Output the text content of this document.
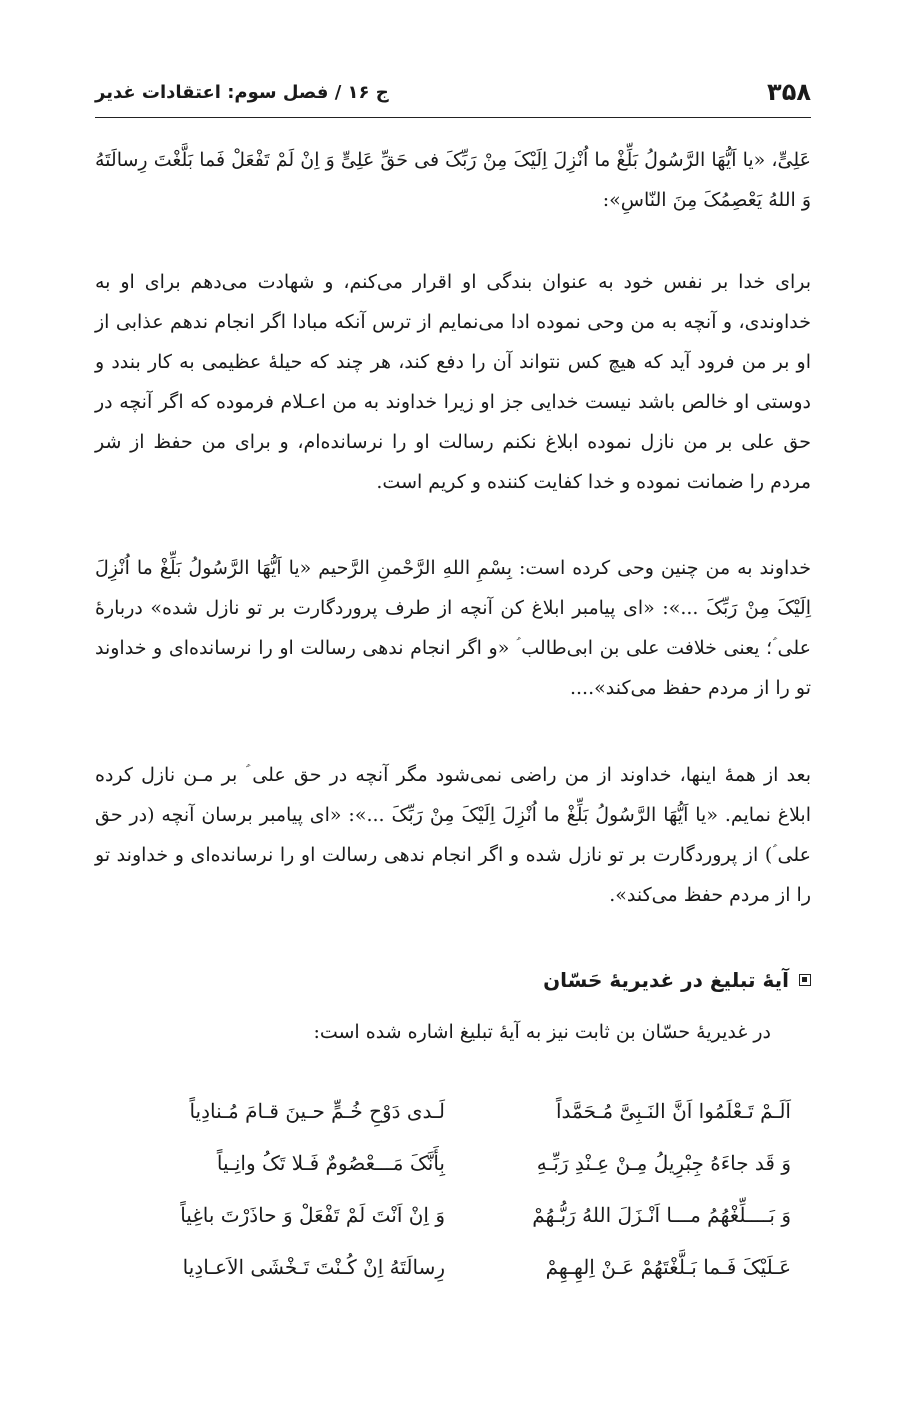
۳۵۸
ج ۱۶ / فصل سوم: اعتقادات غدیر

عَلِیٍّ، «یا اَیُّهَا الرَّسُولُ بَلِّغْ ما اُنْزِلَ اِلَیْکَ مِنْ رَبِّکَ فی حَقِّ عَلِیٍّ وَ اِنْ لَمْ تَفْعَلْ فَما بَلَّغْتَ رِسالَتَهُ وَ اللهُ یَعْصِمُکَ مِنَ النّاسِ»:

برای خدا بر نفس خود به عنوان بندگی او اقرار می‌کنم، و شهادت می‌دهم برای او به خداوندی، و آنچه به من وحی نموده ادا می‌نمایم از ترس آنکه مبادا اگر انجام ندهم عذابی از او بر من فرود آید که هیچ کس نتواند آن را دفع کند، هر چند که حیلهٔ عظیمی به کار بندد و دوستی او خالص باشد نیست خدایی جز او زیرا خداوند به من اعـلام فرموده که اگر آنچه در حق علی بر من نازل نموده ابلاغ نکنم رسالت او را نرسانده‌ام، و برای من حفظ از شر مردم را ضمانت نموده و خدا کفایت کننده و کریم است.

خداوند به من چنین وحی کرده است: بِسْمِ اللهِ الرَّحْمنِ الرَّحیم «یا اَیُّهَا الرَّسُولُ بَلِّغْ ما اُنْزِلَ اِلَیْکَ مِنْ رَبِّکَ ...»: «ای پیامبر ابلاغ کن آنچه از طرف پروردگارت بر تو نازل شده» دربارهٔ علی ؑ؛ یعنی خلافت علی بن ابی‌طالب ؑ «و اگر انجام ندهی رسالت او را نرسانده‌ای و خداوند تو را از مردم حفظ می‌کند»....

بعد از همهٔ اینها، خداوند از من راضی نمی‌شود مگر آنچه در حق علی ؑ بر مـن نازل کرده ابلاغ نمایم. «یا اَیُّهَا الرَّسُولُ بَلِّغْ ما اُنْزِلَ اِلَیْکَ مِنْ رَبِّکَ ...»: «ای پیامبر برسان آنچه (در حق علی ؑ) از پروردگارت بر تو نازل شده و اگر انجام ندهی رسالت او را نرسانده‌ای و خداوند تو را از مردم حفظ می‌کند».

آیهٔ تبلیغ در غدیریهٔ حَسّان
در غدیریهٔ حسّان بن ثابت نیز به آیهٔ تبلیغ اشاره شده است:
اَلَـمْ تَـعْلَمُوا اَنَّ النَـبِیَّ مُـحَمَّداً
لَـدی دَوْحِ خُـمٍّ حـینَ قـامَ مُـنادِیاً
وَ قَد جاءَهُ جِبْرِیلُ مِـنْ عِـنْدِ رَبِّـهِ
بِأَنَّکَ مَـــعْصُومٌ فَـلا تَکُ وانِـیاً
وَ بَــــلِّغْهُمُ مـــا اَنْـزَلَ اللهُ رَبُّـهُمْ
وَ اِنْ اَنْتَ لَمْ تَفْعَلْ وَ حاذَرْتَ باغِیاً
عَـلَیْکَ فَـما بَـلَّغْتَهُمْ عَـنْ اِلهِـهِمْ
رِسالَتَهُ اِنْ کُـنْتَ تَـخْشَی الاَعـادِیا
